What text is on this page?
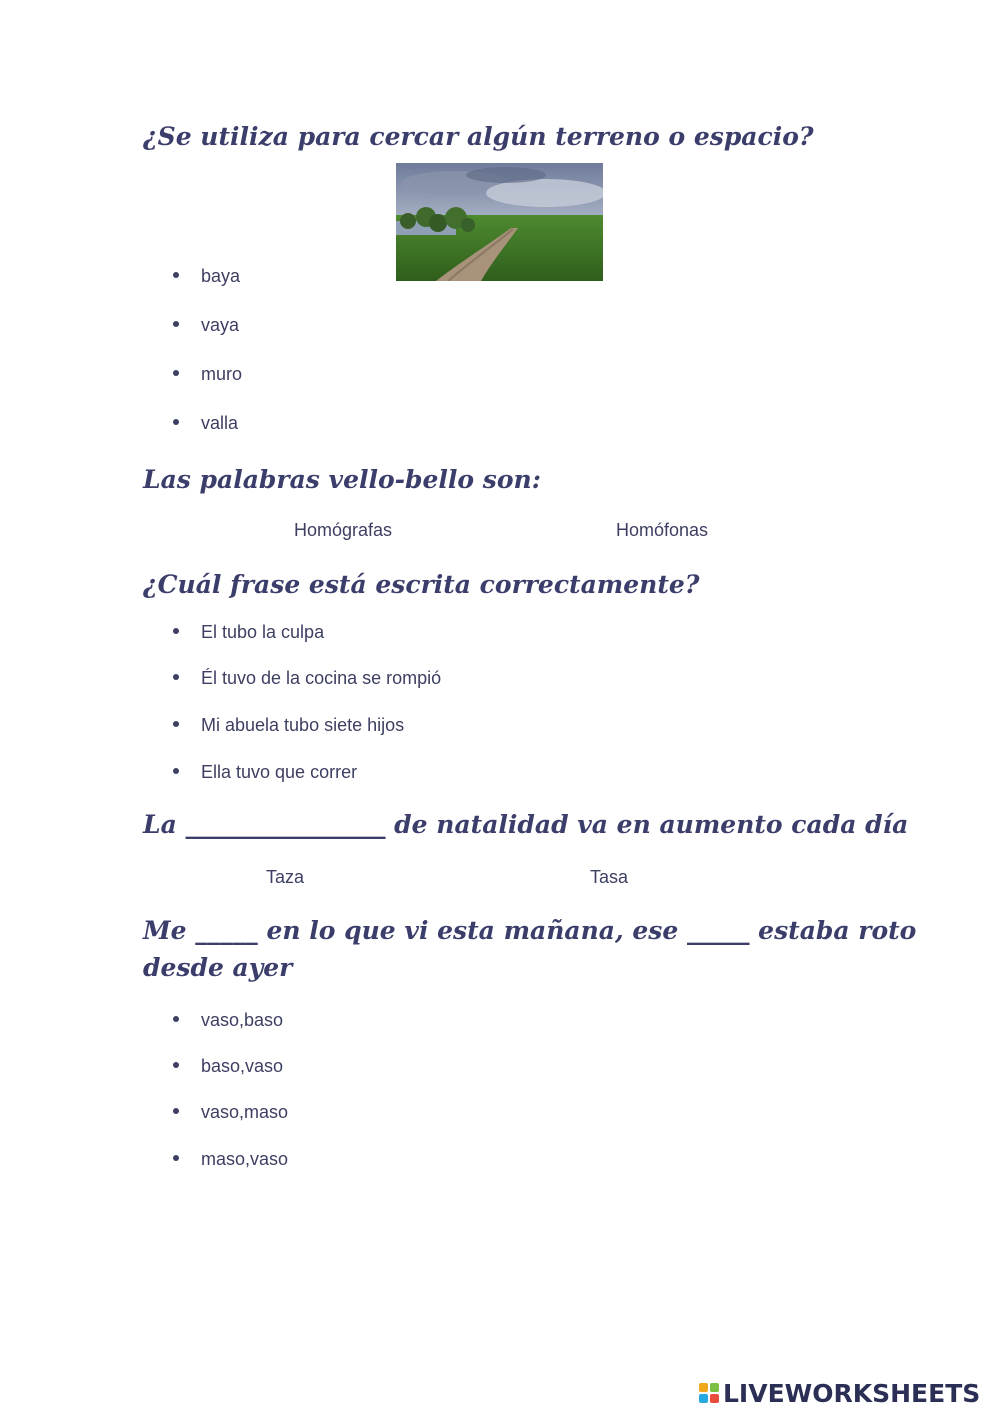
¿Se utiliza para cercar algún terreno o espacio?
baya
vaya
muro
valla
Las palabras vello-bello son:
Homógrafas	Homófonas
¿Cuál frase está escrita correctamente?
El tubo la culpa
Él tuvo de la cocina se rompió
Mi abuela tubo siete hijos
Ella tuvo que correr
La ________________ de natalidad va en aumento cada día
Taza	Tasa
Me _____ en lo que vi esta mañana, ese _____ estaba roto
desde ayer
vaso,baso
baso,vaso
vaso,maso
maso,vaso
LIVEWORKSHEETS
